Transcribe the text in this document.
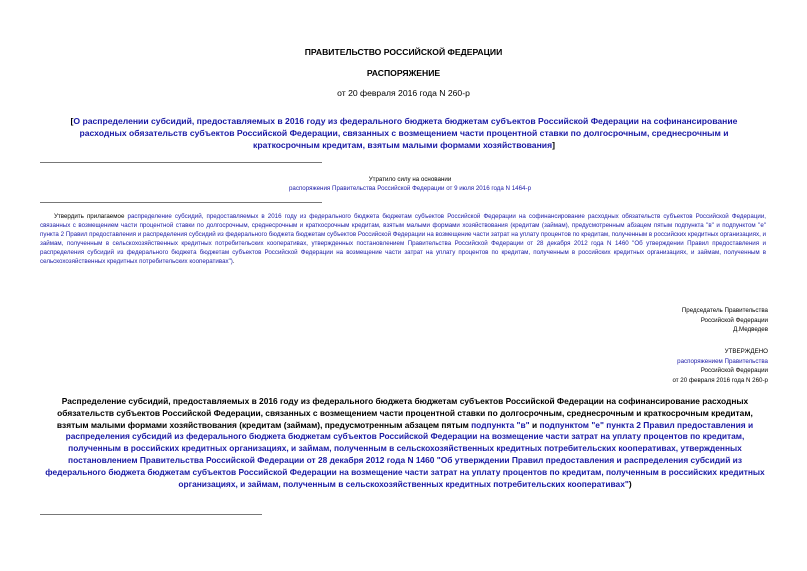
ПРАВИТЕЛЬСТВО РОССИЙСКОЙ ФЕДЕРАЦИИ
РАСПОРЯЖЕНИЕ
от 20 февраля 2016 года N 260-р
[О распределении субсидий, предоставляемых в 2016 году из федерального бюджета бюджетам субъектов Российской Федерации на софинансирование расходных обязательств субъектов Российской Федерации, связанных с возмещением части процентной ставки по долгосрочным, среднесрочным и краткосрочным кредитам, взятым малыми формами хозяйствования]
Утратило силу на основании
распоряжения Правительства Российской Федерации от 9 июля 2016 года N 1464-р

Утвердить прилагаемое распределение субсидий, предоставляемых в 2016 году из федерального бюджета бюджетам субъектов Российской Федерации на софинансирование расходных обязательств субъектов Российской Федерации, связанных с возмещением части процентной ставки по долгосрочным, среднесрочным и краткосрочным кредитам, взятым малыми формами хозяйствования (кредитам (займам), предусмотренным абзацем пятым подпункта "в" и подпунктом "е" пункта 2 Правил предоставления и распределения субсидий из федерального бюджета бюджетам субъектов Российской Федерации на возмещение части затрат на уплату процентов по кредитам, полученным в российских кредитных организациях, и займам, полученным в сельскохозяйственных кредитных потребительских кооперативах, утвержденных постановлением Правительства Российской Федерации от 28 декабря 2012 года N 1460 "Об утверждении Правил предоставления и распределения субсидий из федерального бюджета бюджетам субъектов Российской Федерации на возмещение части затрат на уплату процентов по кредитам, полученным в российских кредитных организациях, и займам, полученным в сельскохозяйственных кредитных потребительских кооперативах").

Председатель Правительства
Российской Федерации
Д.Медведев
УТВЕРЖДЕНО
распоряжением Правительства
Российской Федерации
от 20 февраля 2016 года N 260-р
Распределение субсидий, предоставляемых в 2016 году из федерального бюджета бюджетам субъектов Российской Федерации на софинансирование расходных обязательств субъектов Российской Федерации, связанных с возмещением части процентной ставки по долгосрочным, среднесрочным и краткосрочным кредитам, взятым малыми формами хозяйствования (кредитам (займам), предусмотренным абзацем пятым подпункта "в" и подпунктом "е" пункта 2 Правил предоставления и распределения субсидий из федерального бюджета бюджетам субъектов Российской Федерации на возмещение части затрат на уплату процентов по кредитам, полученным в российских кредитных организациях, и займам, полученным в сельскохозяйственных кредитных потребительских кооперативах, утвержденных постановлением Правительства Российской Федерации от 28 декабря 2012 года N 1460 "Об утверждении Правил предоставления и распределения субсидий из федерального бюджета бюджетам субъектов Российской Федерации на возмещение части затрат на уплату процентов по кредитам, полученным в российских кредитных организациях, и займам, полученным в сельскохозяйственных кредитных потребительских кооперативах")
